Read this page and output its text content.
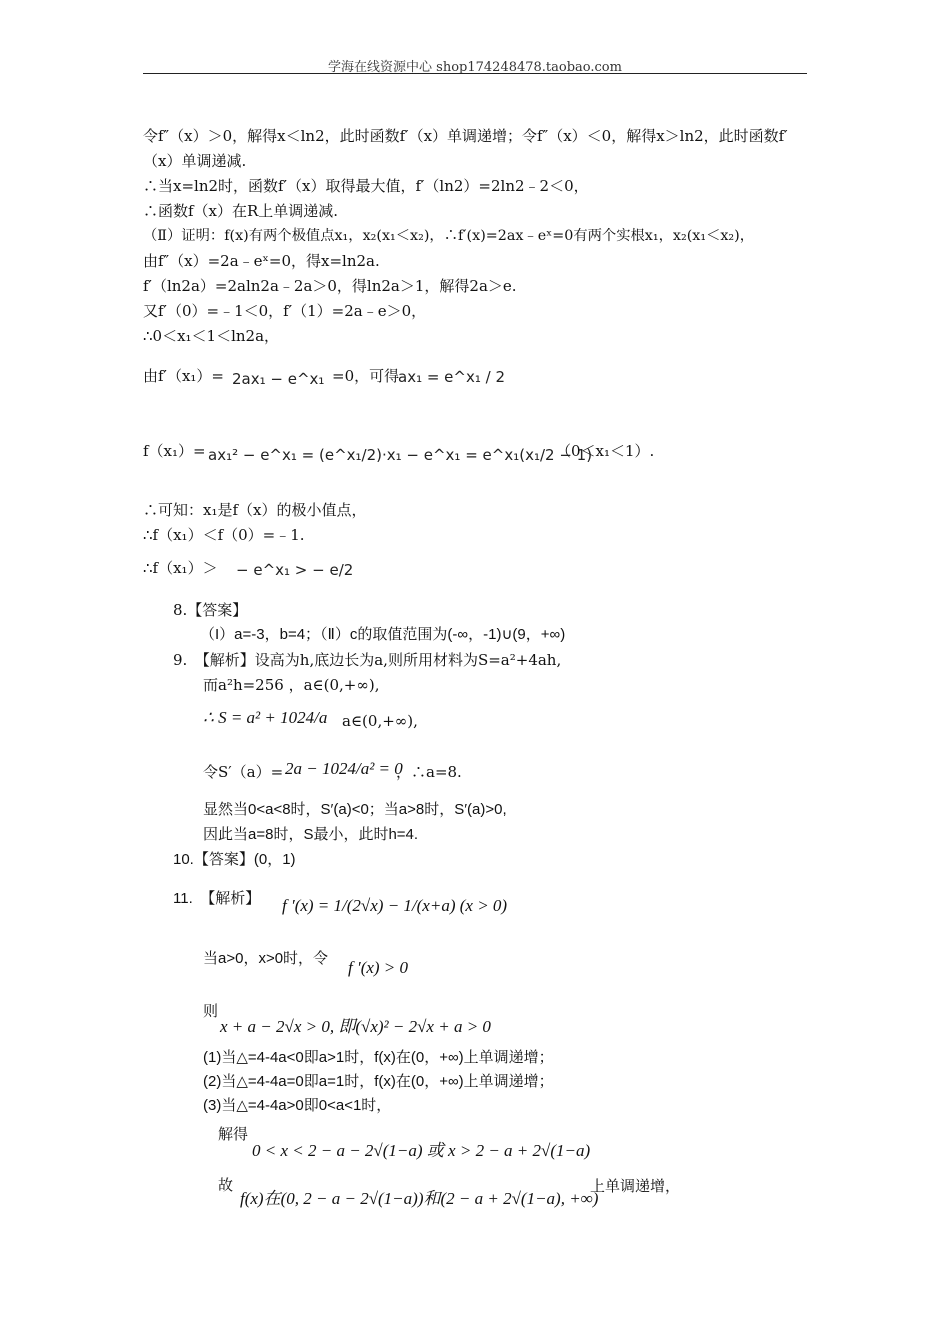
学海在线资源中心 shop174248478.taobao.com
令f″（x）＞0，解得x＜ln2，此时函数f′（x）单调递增；令f″（x）＜0，解得x＞ln2，此时函数f′
（x）单调递减.
∴当x=ln2时，函数f′（x）取得最大值，f′（ln2）=2ln2﹣2＜0，
∴函数f（x）在R上单调递减.
（Ⅱ）证明：f(x)有两个极值点x₁，x₂(x₁＜x₂)，∴f′(x)=2ax﹣eˣ=0有两个实根x₁，x₂(x₁＜x₂)，
由f″（x）=2a﹣eˣ=0，得x=ln2a.
f′（ln2a）=2aln2a﹣2a＞0，得ln2a＞1，解得2a＞e.
又f′（0）=﹣1＜0，f′（1）=2a﹣e＞0，
∴0＜x₁＜1＜ln2a，
由f′（x₁）= 2ax₁ − e^x₁ =0，可得
ax₁ = e^x₁ / 2
f（x₁）= ax₁² − e^x₁ = (e^x₁/2)·x₁ − e^x₁ = e^x₁(x₁/2 − 1)
（0＜x₁＜1）.
∴可知：x₁是f（x）的极小值点，
∴f（x₁）＜f（0）=﹣1.
∴f（x₁）＞ − e^x₁ > − e/2
8.【答案】
（I）a=-3，b=4；（Ⅱ）c的取值范围为(-∞，-1)∪(9，+∞)
9.　【解析】设高为h,底边长为a,则所用材料为S=a²+4ah,
而a²h=256 ，a∈(0,+∞),
∴ S = a² + 1024/a a∈(0,+∞),
令S′（a）= 2a − 1024/a² = 0
，∴a=8.
显然当0<a<8时，S′(a)<0；当a>8时，S′(a)>0,
因此当a=8时，S最小，此时h=4.
10.【答案】(0，1)
11.　【解析】 f ′(x) = 1/(2√x) − 1/(x+a) (x > 0)
当a>0，x>0时，令 f ′(x) > 0
则
x + a − 2√x > 0, 即(√x)² − 2√x + a > 0
(1)当△=4-4a<0即a>1时，f(x)在(0，+∞)上单调递增；
(2)当△=4-4a=0即a=1时，f(x)在(0，+∞)上单调递增；
(3)当△=4-4a>0即0<a<1时，
解得
0 < x < 2 − a − 2√(1−a) 或 x > 2 − a + 2√(1−a)
故
f(x)在(0, 2 − a − 2√(1−a))和(2 − a + 2√(1−a), +∞)
上单调递增，
